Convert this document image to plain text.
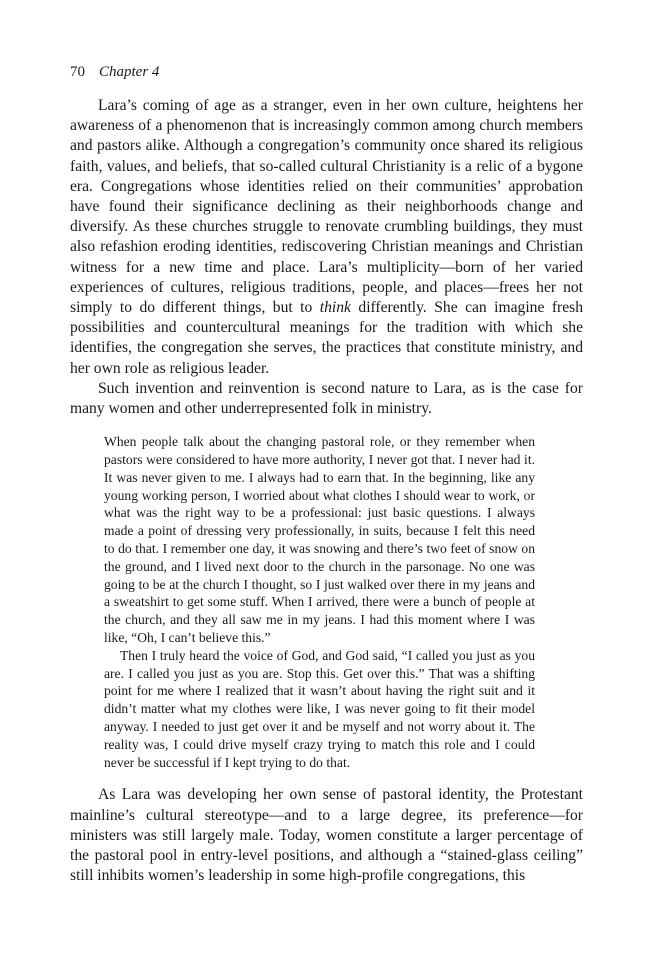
70 Chapter 4

Lara’s coming of age as a stranger, even in her own culture, heightens her awareness of a phenomenon that is increasingly common among church members and pastors alike. Although a congregation’s community once shared its religious faith, values, and beliefs, that so-called cultural Christianity is a relic of a bygone era. Congregations whose identities relied on their communities’ approbation have found their significance declining as their neighborhoods change and diversify. As these churches struggle to renovate crumbling buildings, they must also refashion eroding identities, rediscovering Christian meanings and Christian witness for a new time and place. Lara’s multiplicity—born of her varied experiences of cultures, religious traditions, people, and places—frees her not simply to do different things, but to think differently. She can imagine fresh possibilities and countercultural meanings for the tradition with which she identifies, the congregation she serves, the practices that constitute ministry, and her own role as religious leader.

Such invention and reinvention is second nature to Lara, as is the case for many women and other underrepresented folk in ministry.

When people talk about the changing pastoral role, or they remember when pastors were considered to have more authority, I never got that. I never had it. It was never given to me. I always had to earn that. In the beginning, like any young working person, I worried about what clothes I should wear to work, or what was the right way to be a professional: just basic questions. I always made a point of dressing very professionally, in suits, because I felt this need to do that. I remember one day, it was snowing and there’s two feet of snow on the ground, and I lived next door to the church in the parsonage. No one was going to be at the church I thought, so I just walked over there in my jeans and a sweatshirt to get some stuff. When I arrived, there were a bunch of people at the church, and they all saw me in my jeans. I had this moment where I was like, “Oh, I can’t believe this.”

Then I truly heard the voice of God, and God said, “I called you just as you are. I called you just as you are. Stop this. Get over this.” That was a shifting point for me where I realized that it wasn’t about having the right suit and it didn’t matter what my clothes were like, I was never going to fit their model anyway. I needed to just get over it and be myself and not worry about it. The reality was, I could drive myself crazy trying to match this role and I could never be successful if I kept trying to do that.

As Lara was developing her own sense of pastoral identity, the Protestant mainline’s cultural stereotype—and to a large degree, its preference—for ministers was still largely male. Today, women constitute a larger percentage of the pastoral pool in entry-level positions, and although a “stained-glass ceiling” still inhibits women’s leadership in some high-profile congregations, this
